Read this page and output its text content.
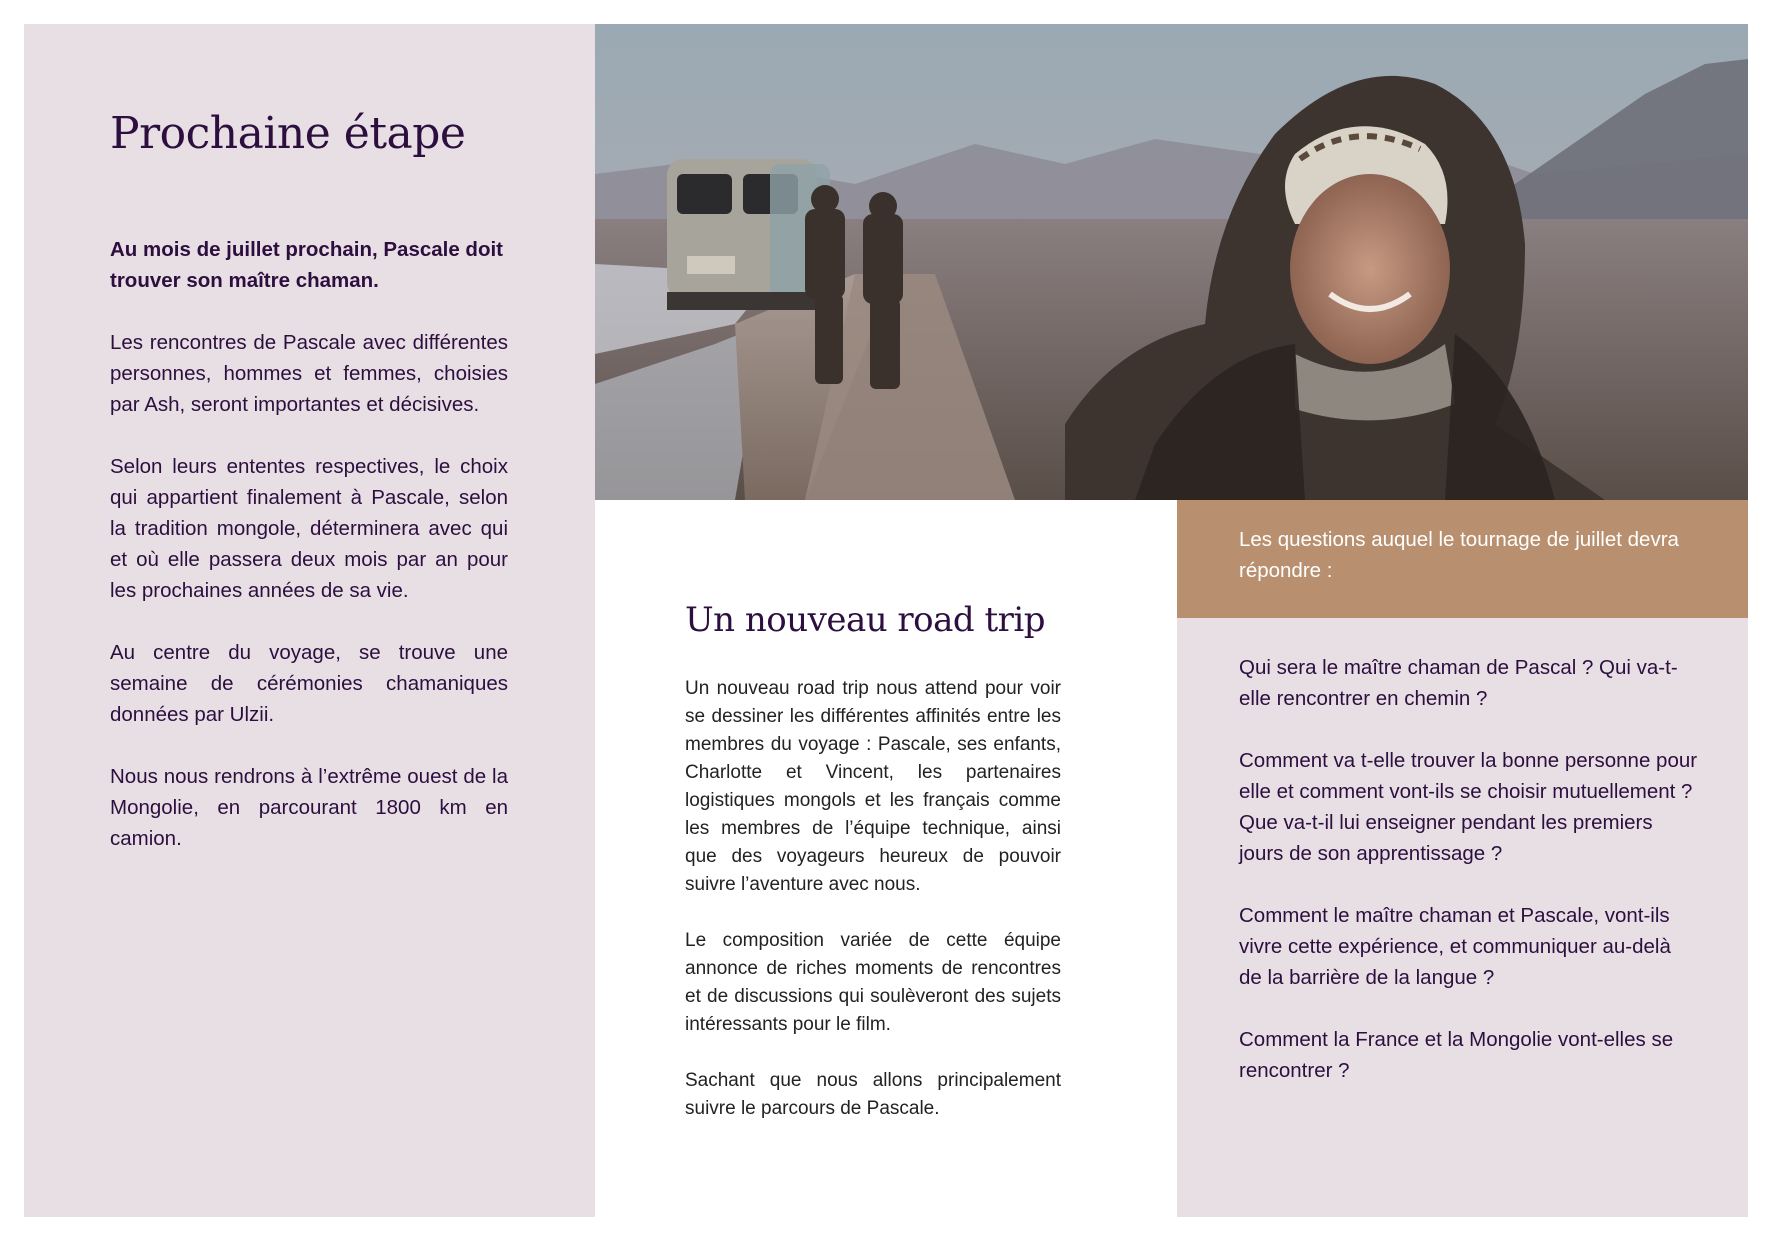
Prochaine étape

Au mois de juillet prochain, Pascale doit trouver son maître chaman.

Les rencontres de Pascale avec différentes personnes, hommes et femmes, choisies par Ash, seront importantes et décisives.

Selon leurs ententes respectives, le choix qui appartient finalement à Pascale, selon la tradition mongole, déterminera avec qui et où elle passera deux mois par an pour les prochaines années de sa vie.

Au centre du voyage, se trouve une semaine de cérémonies chamaniques données par Ulzii.

Nous nous rendrons à l’extrême ouest de la Mongolie, en parcourant 1800 km en camion.

Un nouveau road trip

Un nouveau road trip nous attend pour voir se dessiner les différentes affinités entre les membres du voyage : Pascale, ses enfants, Charlotte et Vincent, les partenaires logistiques mongols et les français comme les membres de l’équipe technique, ainsi que des voyageurs heureux de pouvoir suivre l’aventure avec nous.

Le composition variée de cette équipe annonce de riches moments de rencontres et de discussions qui soulèveront des sujets intéressants pour le film.

Sachant que nous allons principalement suivre le parcours de Pascale.

Les questions auquel le tournage de juillet devra répondre :

Qui sera le maître chaman de Pascal ? Qui va-t-elle rencontrer en chemin ?

Comment va t-elle trouver la bonne personne pour elle et comment vont-ils se choisir mutuellement ? Que va-t-il lui enseigner pendant les premiers jours de son apprentissage ?

Comment le maître chaman et Pascale, vont-ils vivre cette expérience, et communiquer au-delà de la barrière de la langue ?

Comment la France et la Mongolie vont-elles se rencontrer ?
